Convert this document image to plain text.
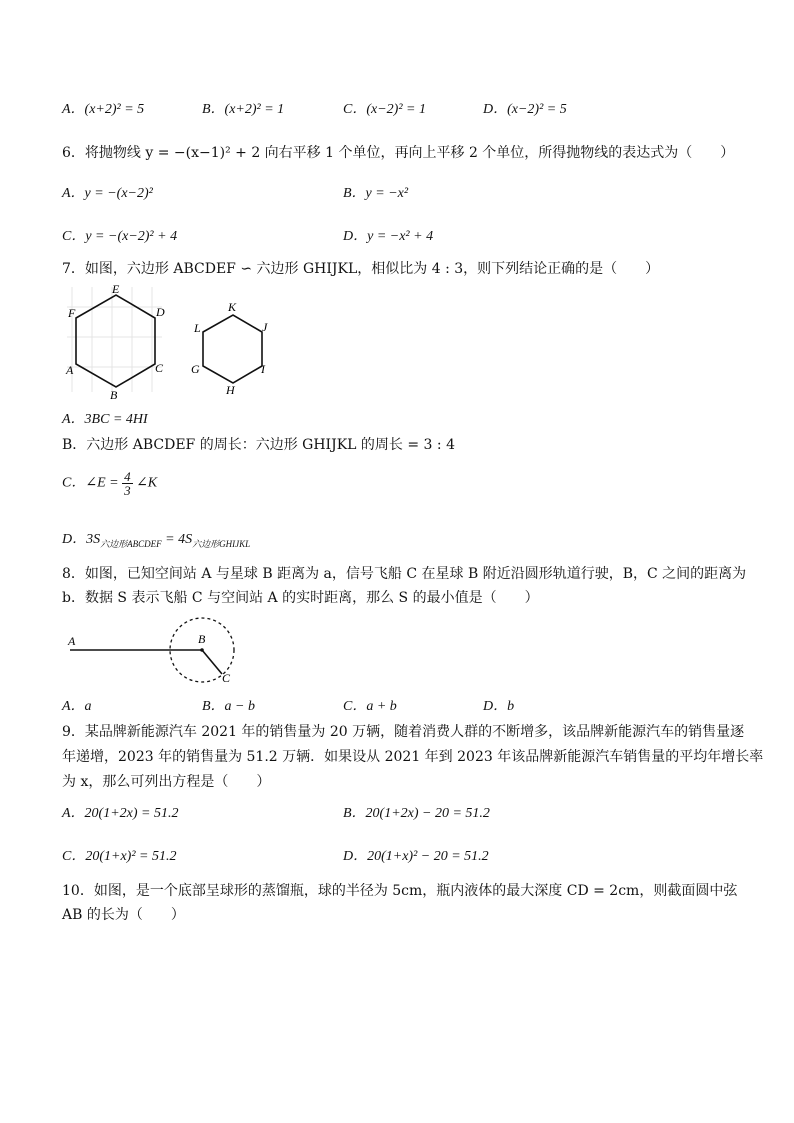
A．(x+2)² = 5	B．(x+2)² = 1	C．(x−2)² = 1	D．(x−2)² = 5
6．将抛物线 y = −(x−1)² + 2 向右平移 1 个单位，再向上平移 2 个单位，所得抛物线的表达式为（　　）
A．y = −(x−2)²	B．y = −x²
C．y = −(x−2)² + 4	D．y = −x² + 4
7．如图，六边形 ABCDEF ∽ 六边形 GHIJKL，相似比为 4 : 3，则下列结论正确的是（　　）
A
B
C
D
E
F
G
H
I
J
K
L
A．3BC = 4HI
B．六边形 ABCDEF 的周长：六边形 GHIJKL 的周长 = 3 : 4
C．∠E = $\frac{4}{3}$ ∠K
D．$3S_{六边形ABCDEF} = 4S_{六边形GHIJKL}$
8．如图，已知空间站 A 与星球 B 距离为 a，信号飞船 C 在星球 B 附近沿圆形轨道行驶，B，C 之间的距离为
b．数据 S 表示飞船 C 与空间站 A 的实时距离，那么 S 的最小值是（　　）
A	B
C
A．a	B．a − b	C．a + b	D．b
9．某品牌新能源汽车 2021 年的销售量为 20 万辆，随着消费人群的不断增多，该品牌新能源汽车的销售量逐
年递增，2023 年的销售量为 51.2 万辆．如果设从 2021 年到 2023 年该品牌新能源汽车销售量的平均年增长率
为 x，那么可列出方程是（　　）
A．20(1+2x) = 51.2	B．20(1+2x) − 20 = 51.2
C．20(1+x)² = 51.2	D．20(1+x)² − 20 = 51.2
10．如图，是一个底部呈球形的蒸馏瓶，球的半径为 5cm，瓶内液体的最大深度 CD = 2cm，则截面圆中弦
AB 的长为（　　）
